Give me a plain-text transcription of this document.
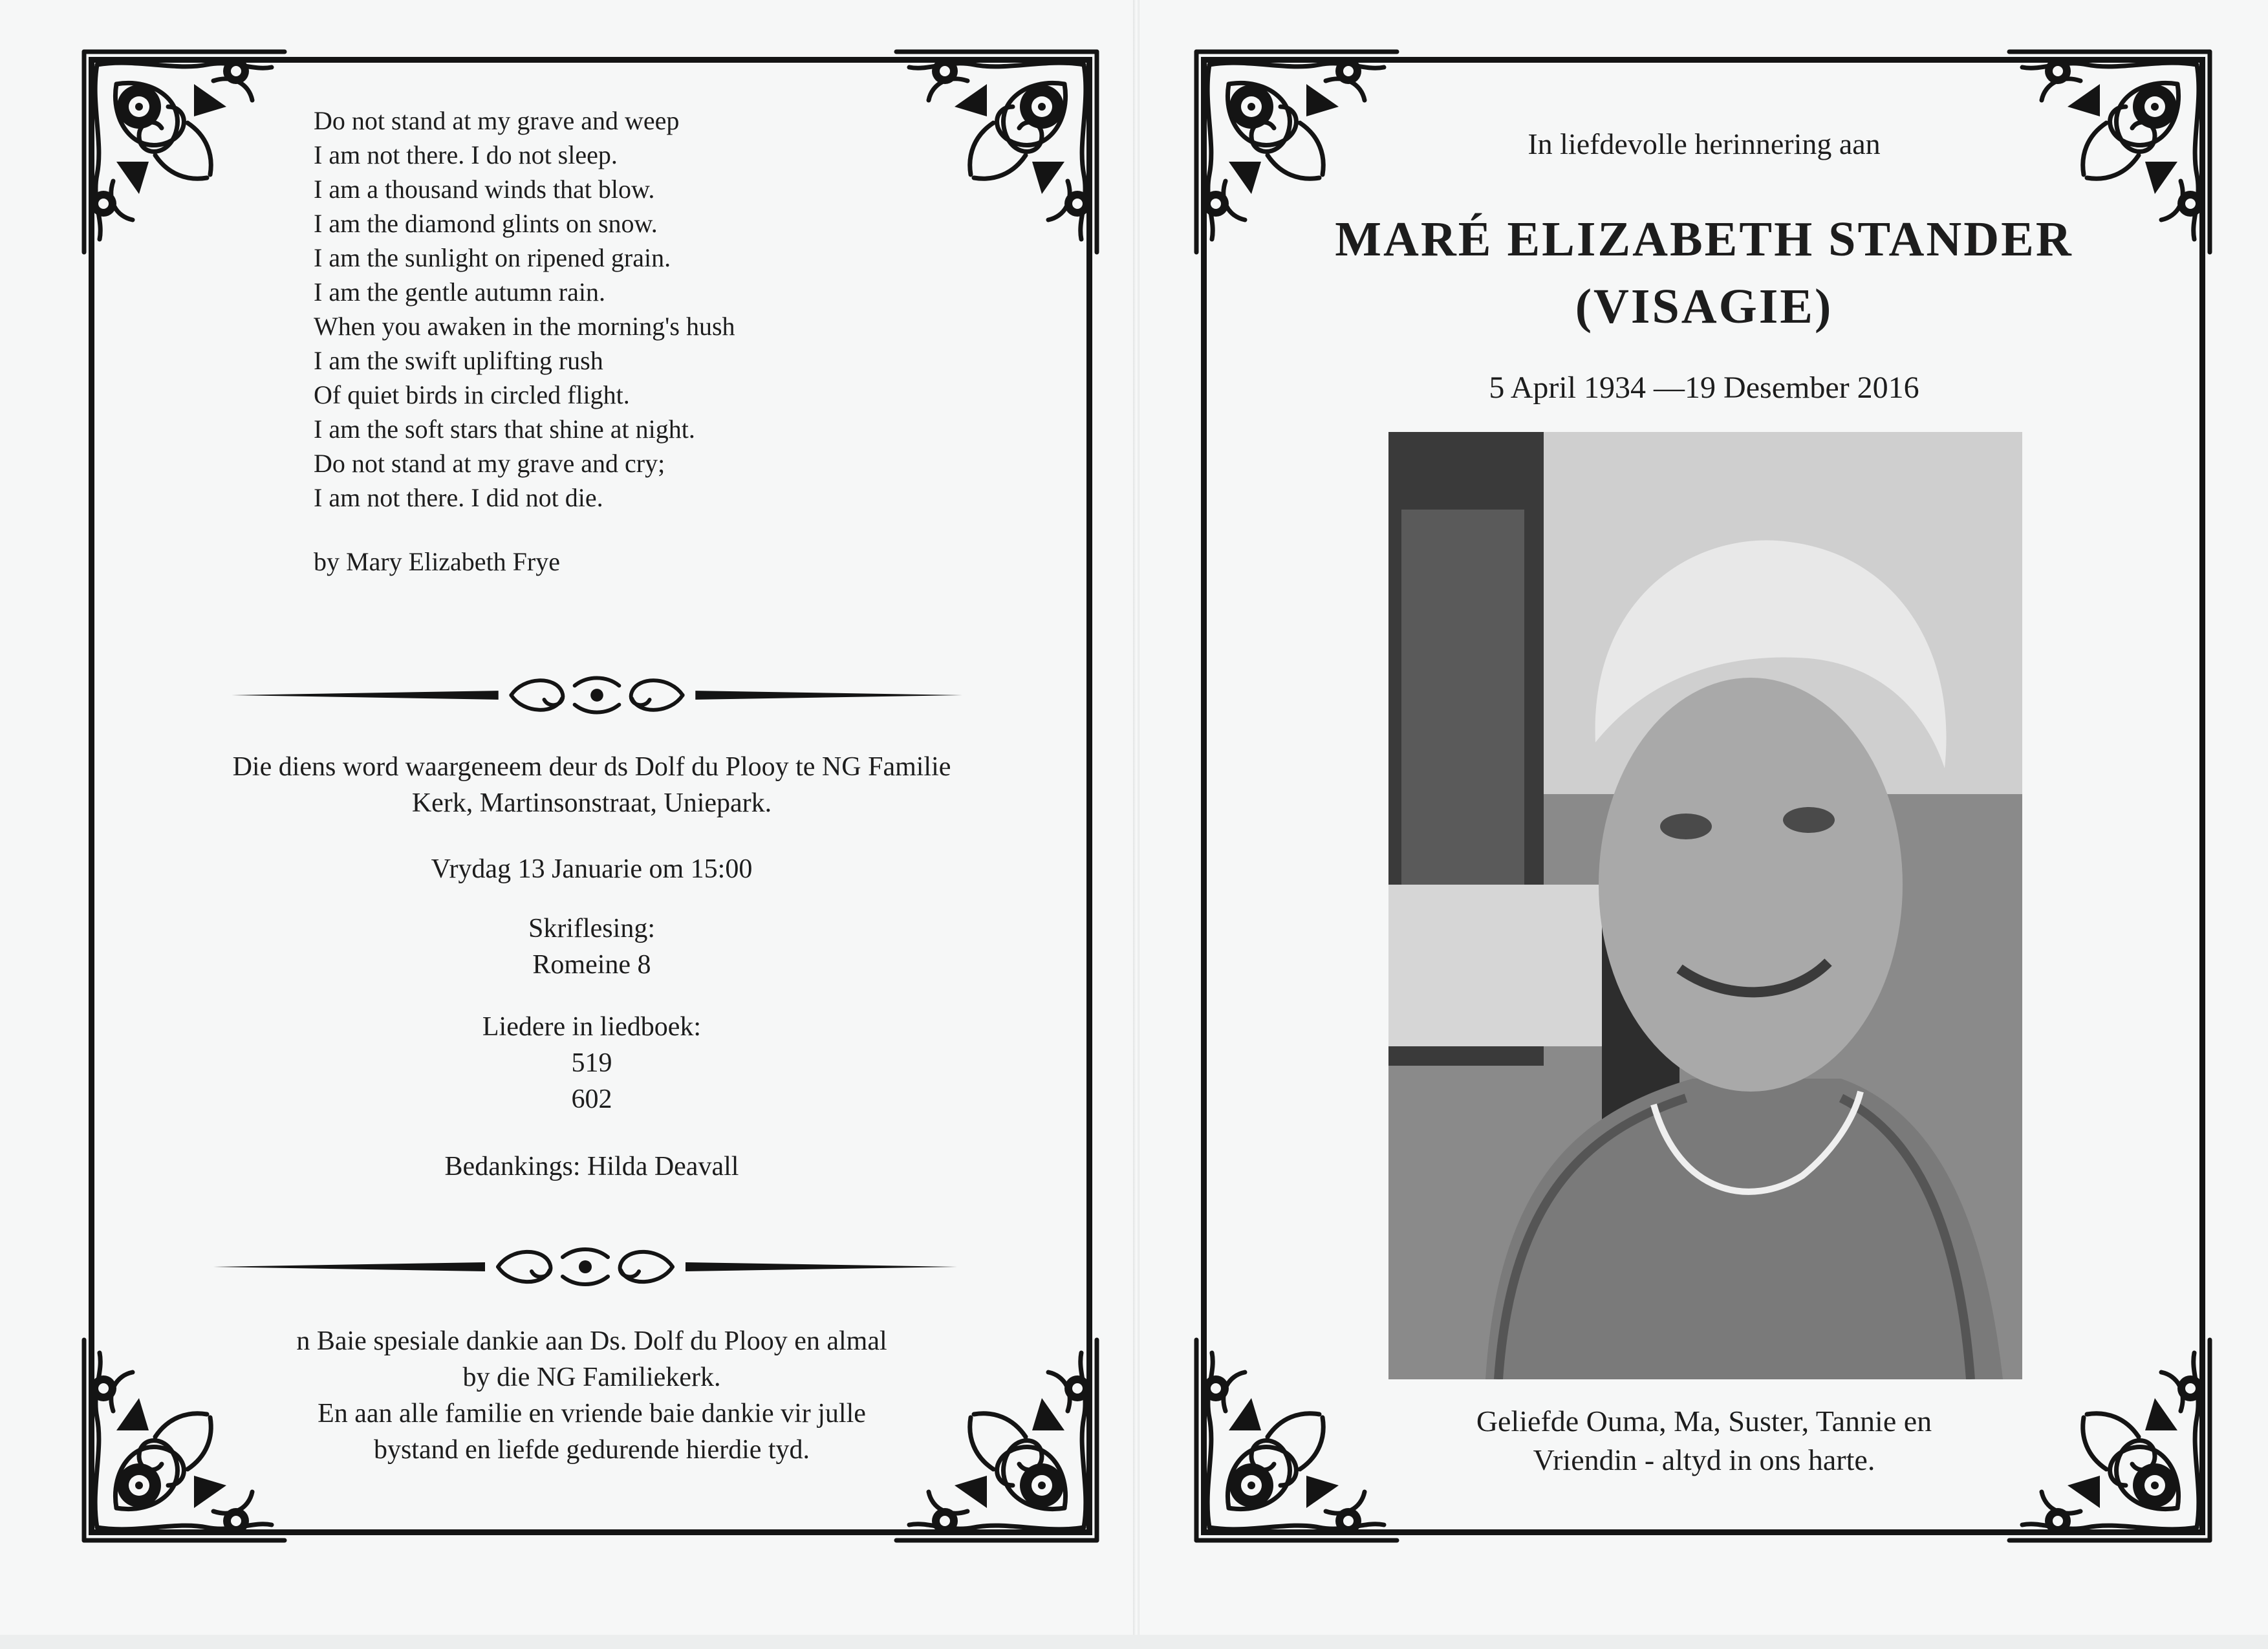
Do not stand at my grave and weep
I am not there. I do not sleep.
I am a thousand winds that blow.
I am the diamond glints on snow.
I am the sunlight on ripened grain.
I am the gentle autumn rain.
When you awaken in the morning's hush
I am the swift uplifting rush
Of quiet birds in circled flight.
I am the soft stars that shine at night.
Do not stand at my grave and cry;
I am not there. I did not die.
by Mary Elizabeth Frye
Die diens word waargeneem deur ds Dolf du Plooy te NG Familie
Kerk, Martinsonstraat, Uniepark.
Vrydag 13 Januarie om 15:00
Skriflesing:
Romeine 8
Liedere in liedboek:
519
602
Bedankings: Hilda Deavall
n Baie spesiale dankie aan Ds. Dolf du Plooy en almal
by die NG Familiekerk.
En aan alle familie en vriende baie dankie vir julle
bystand en liefde gedurende hierdie tyd.
In liefdevolle herinnering aan
MARÉ ELIZABETH STANDER
(VISAGIE)
5 April 1934 —19 Desember 2016
Geliefde Ouma, Ma, Suster, Tannie en
Vriendin - altyd in ons harte.
